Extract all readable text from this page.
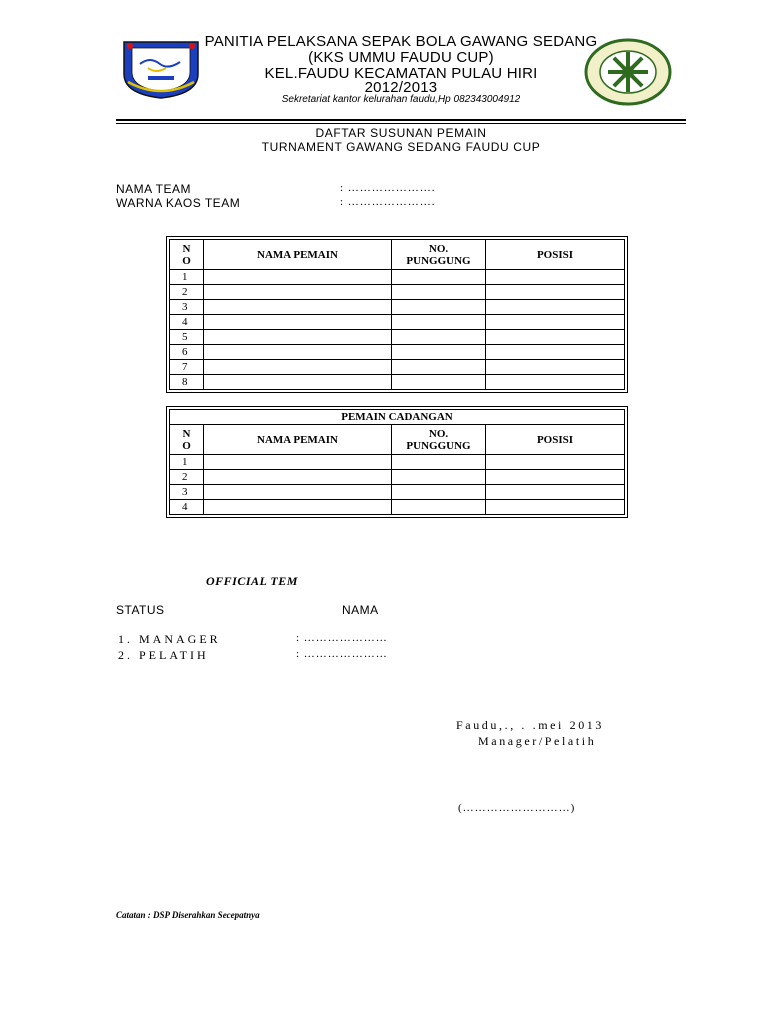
PANITIA PELAKSANA SEPAK BOLA GAWANG SEDANG
(KKS UMMU FAUDU CUP)
KEL.FAUDU KECAMATAN PULAU HIRI
2012/2013
Sekretariat kantor kelurahan faudu,Hp 082343004912
DAFTAR SUSUNAN PEMAIN
TURNAMENT GAWANG SEDANG FAUDU CUP
NAMA TEAM	: ………………….
WARNA KAOS TEAM	: ………………….
N
O	NAMA PEMAIN	NO.
PUNGGUNG	POSISI
1			
2			
3			
4			
5			
6			
7			
8			
PEMAIN CADANGAN			
N
O	NAMA PEMAIN	NO.
PUNGGUNG	POSISI
1			
2			
3			
4			
OFFICIAL TEM
STATUS	NAMA
1. MANAGER	: …………………
2. PELATIH	: …………………
Faudu,., . .mei 2013
Manager/Pelatih
(………………………)
Catatan : DSP Diserahkan Secepatnya
